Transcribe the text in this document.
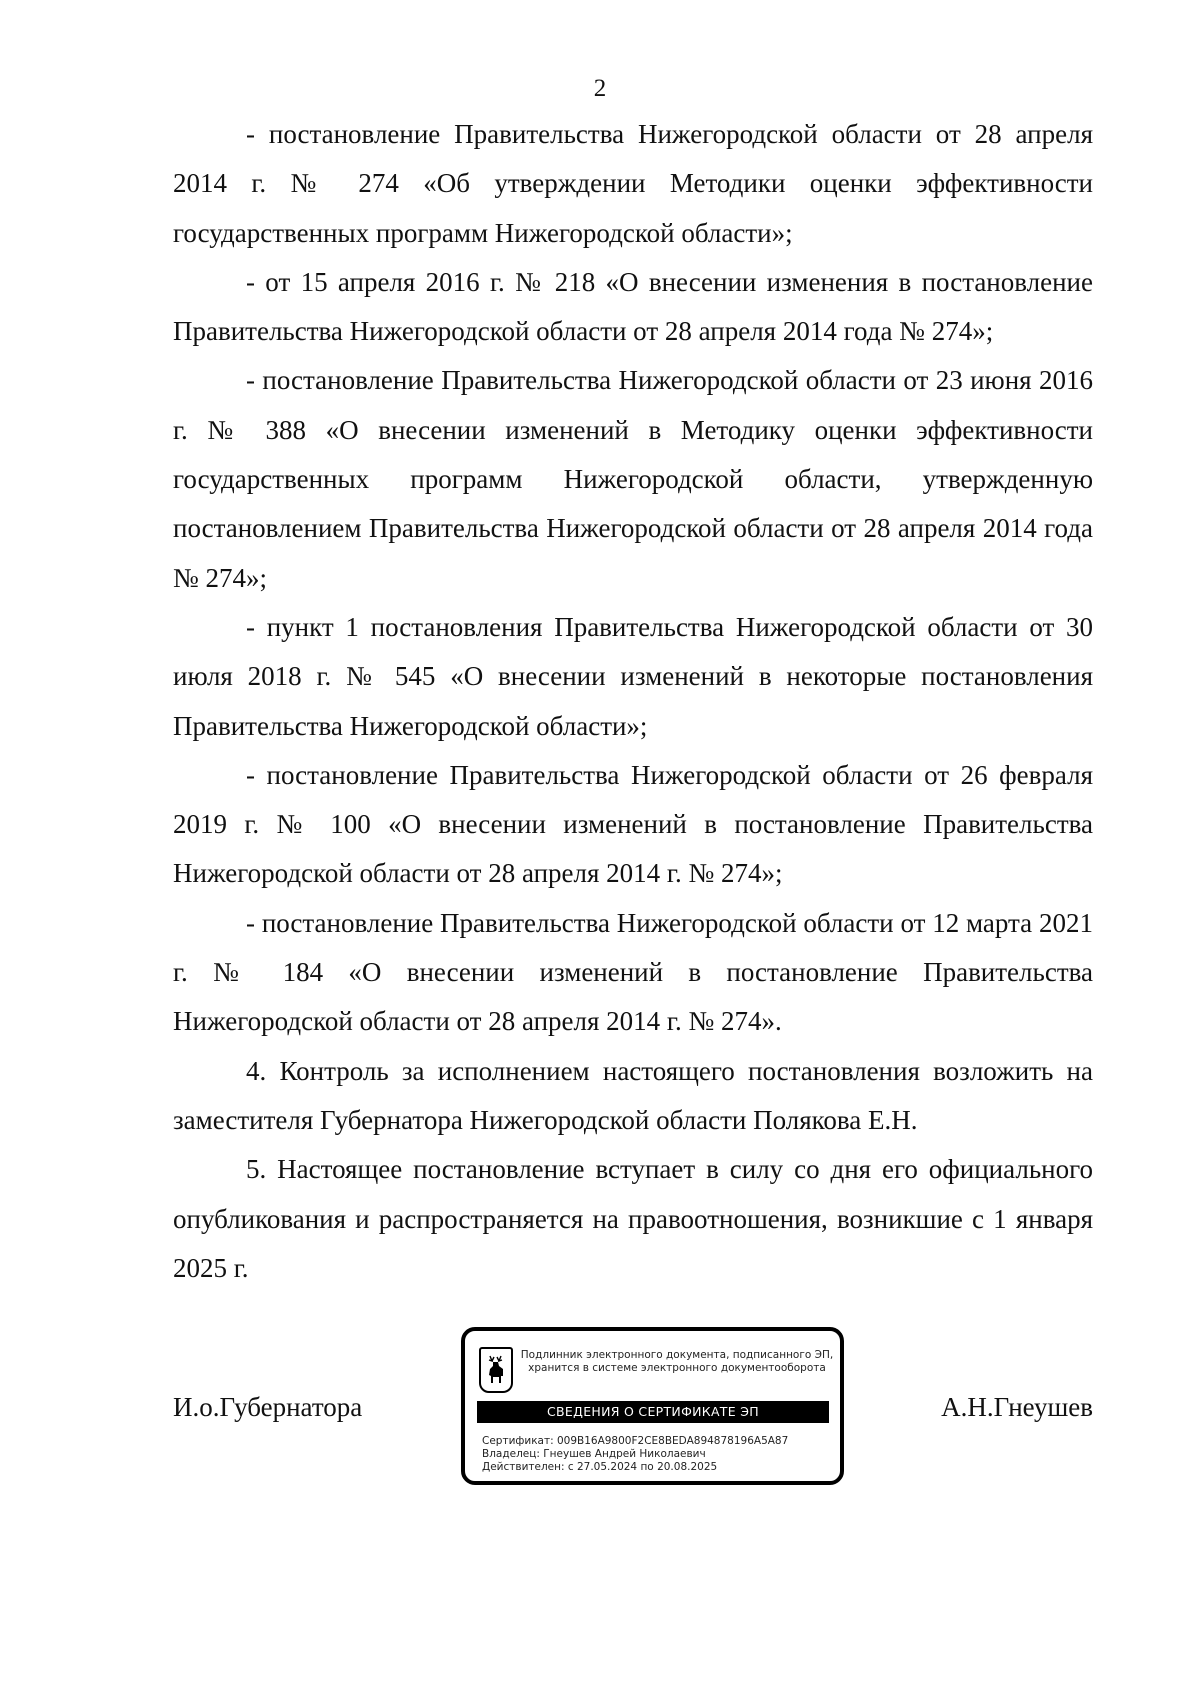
2

- постановление Правительства Нижегородской области от 28 апреля 2014 г. № 274 «Об утверждении Методики оценки эффективности государственных программ Нижегородской области»;

- от 15 апреля 2016 г. № 218 «О внесении изменения в постановление Правительства Нижегородской области от 28 апреля 2014 года № 274»;

- постановление Правительства Нижегородской области от 23 июня 2016 г. № 388 «О внесении изменений в Методику оценки эффективности государственных программ Нижегородской области, утвержденную постановлением Правительства Нижегородской области от 28 апреля 2014 года № 274»;

- пункт 1 постановления Правительства Нижегородской области от 30 июля 2018 г. № 545 «О внесении изменений в некоторые постановления Правительства Нижегородской области»;

- постановление Правительства Нижегородской области от 26 февраля 2019 г. № 100 «О внесении изменений в постановление Правительства Нижегородской области от 28 апреля 2014 г. № 274»;

- постановление Правительства Нижегородской области от 12 марта 2021 г. № 184 «О внесении изменений в постановление Правительства Нижегородской области от 28 апреля 2014 г. № 274».

4. Контроль за исполнением настоящего постановления возложить на заместителя Губернатора Нижегородской области Полякова Е.Н.

5. Настоящее постановление вступает в силу со дня его официального опубликования и распространяется на правоотношения, возникшие с 1 января 2025 г.

И.о.Губернатора	А.Н.Гнеушев
Подлинник электронного документа, подписанного ЭП,
хранится в системе электронного документооборота
СВЕДЕНИЯ О СЕРТИФИКАТЕ ЭП
Сертификат: 009B16A9800F2CE8BEDA894878196A5A87
Владелец: Гнеушев Андрей Николаевич
Действителен: с 27.05.2024 по 20.08.2025
